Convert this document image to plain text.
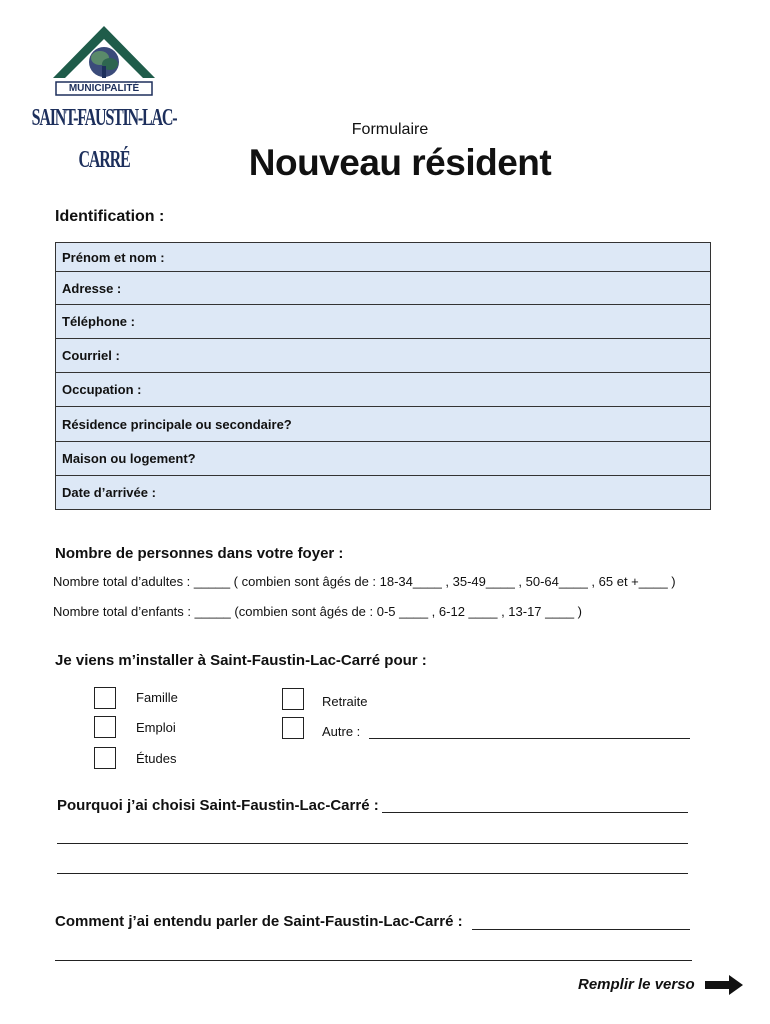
MUNICIPALITÉ
SAINT-FAUSTIN-LAC-CARRÉ
Formulaire
Nouveau résident
Identification :
Prénom et nom :
Adresse :
Téléphone :
Courriel :
Occupation :
Résidence principale ou secondaire?
Maison ou logement?
Date d’arrivée :
Nombre de personnes dans votre foyer :
Nombre total d’adultes : _____ ( combien sont âgés de : 18-34____ , 35-49____ , 50-64____ , 65 et +____ )
Nombre total d’enfants : _____ (combien sont âgés de : 0-5 ____ , 6-12 ____ , 13-17 ____ )
Je viens m’installer à Saint-Faustin-Lac-Carré pour :
Famille
Emploi
Études
Retraite
Autre :
Pourquoi j’ai choisi Saint-Faustin-Lac-Carré :
Comment j’ai entendu parler de Saint-Faustin-Lac-Carré :
Remplir le verso
